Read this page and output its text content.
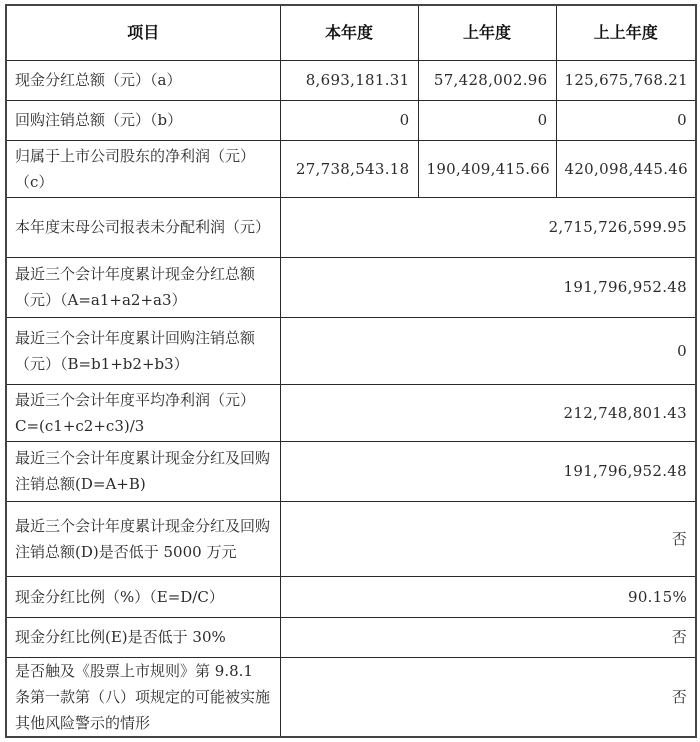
项目	本年度	上年度	上上年度
现金分红总额（元）（a）	8,693,181.31	57,428,002.96	125,675,768.21
回购注销总额（元）（b）	0	0	0
归属于上市公司股东的净利润（元）（c）	27,738,543.18	190,409,415.66	420,098,445.46
本年度末母公司报表未分配利润（元）	2,715,726,599.95		
最近三个会计年度累计现金分红总额（元）（A=a1+a2+a3）	191,796,952.48		
最近三个会计年度累计回购注销总额（元）（B=b1+b2+b3）	0		
最近三个会计年度平均净利润（元）C=(c1+c2+c3)/3	212,748,801.43		
最近三个会计年度累计现金分红及回购注销总额(D=A+B)	191,796,952.48		
最近三个会计年度累计现金分红及回购注销总额(D)是否低于 5000 万元	否		
现金分红比例（%）（E=D/C）	90.15%		
现金分红比例(E)是否低于 30%	否		
是否触及《股票上市规则》第 9.8.1 条第一款第（八）项规定的可能被实施其他风险警示的情形	否		
